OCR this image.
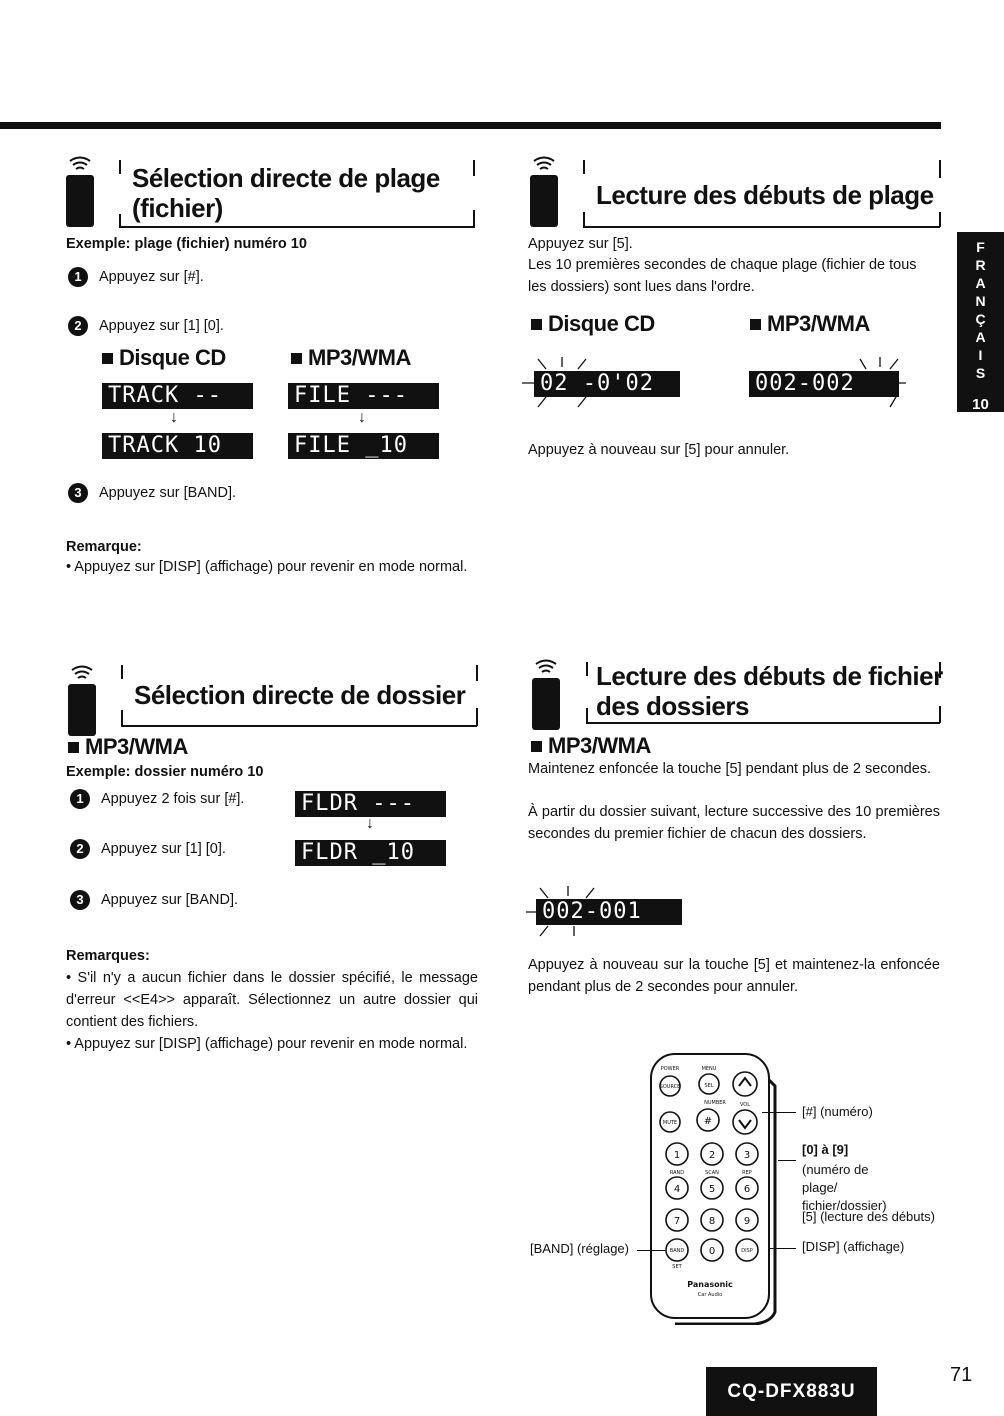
F
R
A
N
Ç
A
I
S
10
Sélection directe de plage
(fichier)
Exemple: plage (fichier) numéro 10
1	Appuyez sur [#].
2	Appuyez sur [1] [0].
Disque CD	MP3/WMA
TRACK --
↓
TRACK 10
FILE ---
↓
FILE _10
3	Appuyez sur [BAND].
Remarque:
• Appuyez sur [DISP] (affichage) pour revenir en mode normal.
Lecture des débuts de plage
Appuyez sur [5].
Les 10 premières secondes de chaque plage (fichier de tous les dossiers) sont lues dans l'ordre.
Disque CD	MP3/WMA
02 -0'02	002-002
Appuyez à nouveau sur [5] pour annuler.
Sélection directe de dossier
MP3/WMA
Exemple: dossier numéro 10
1	Appuyez 2 fois sur [#].	FLDR ---
↓
2	Appuyez sur [1] [0].	FLDR _10
3	Appuyez sur [BAND].
Remarques:
• S'il n'y a aucun fichier dans le dossier spécifié, le message d'erreur <<E4>> apparaît. Sélectionnez un autre dossier qui contient des fichiers.
• Appuyez sur [DISP] (affichage) pour revenir en mode normal.
Lecture des débuts de fichier
des dossiers
MP3/WMA
Maintenez enfoncée la touche [5] pendant plus de 2 secondes.
À partir du dossier suivant, lecture successive des 10 premières secondes du premier fichier de chacun des dossiers.
002-001
Appuyez à nouveau sur la touche [5] et maintenez-la enfoncée pendant plus de 2 secondes pour annuler.
1	2	3
4	5	6
7	8	9
0
#
POWER	MENU
SOURCE	SEL
VOL
NUMBER
MUTE
RAND	SCAN	REP
BAND
SET
DISP
Panasonic
Car Audio
[#] (numéro)
[0] à [9]
(numéro de plage/ fichier/dossier)
[5] (lecture des débuts)
[DISP] (affichage)
[BAND] (réglage)
CQ-DFX883U
71
